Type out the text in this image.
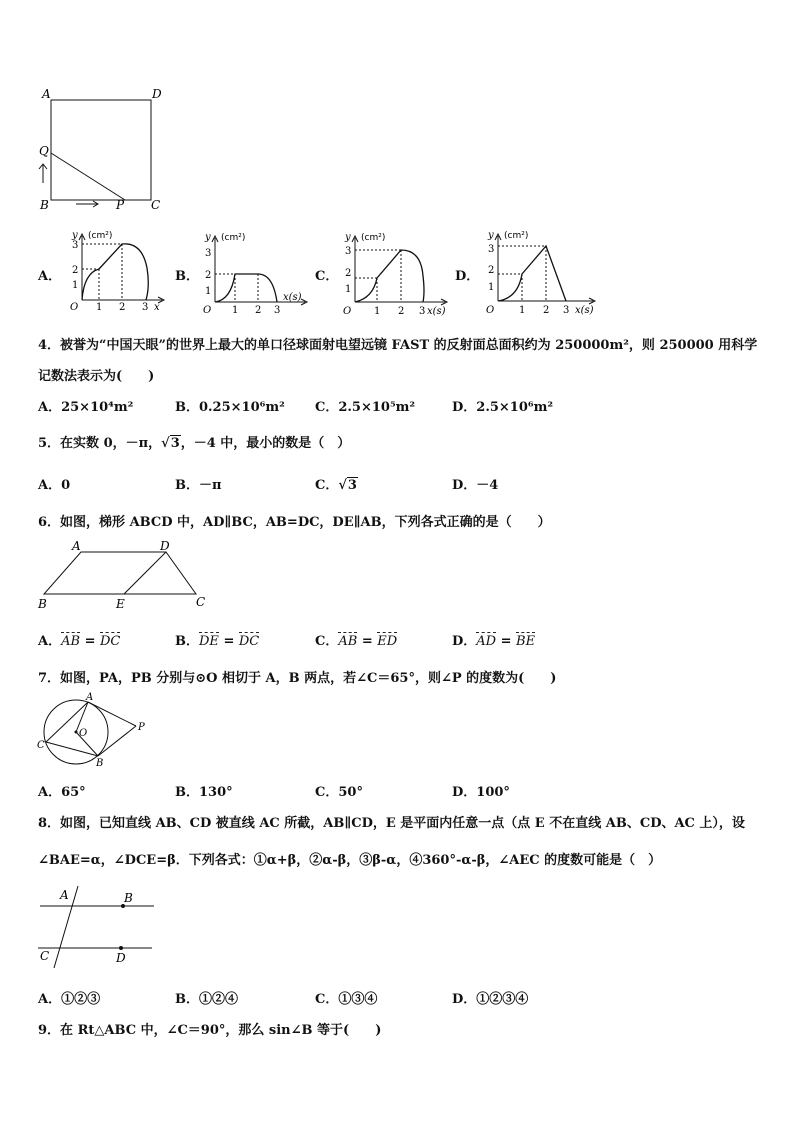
A	D
Q
B	P C
A．
y (cm²)
3
2
1
O 1 2 3 x
B．
y (cm²)
3
2
1
O 1 2 3
x(s)
C．
y (cm²)
3
2
1
O 1 2 3 x(s)
D．
y (cm²)
3
2
1
O 1 2 3 x(s)
4．被誉为“中国天眼”的世界上最大的单口径球面射电望远镜 FAST 的反射面总面积约为 250000m²，则 250000 用科学
记数法表示为(　　)
A．25×10⁴m²	B．0.25×10⁶m² C．2.5×10⁵m²	D．2.5×10⁶m²
5．在实数 0，－π，√3，－4 中，最小的数是（　）
A．0	B．－π	C．√3	D．－4
6．如图，梯形 ABCD 中，AD∥BC，AB=DC，DE∥AB，下列各式正确的是（　　）
A	D
B	E	C
A．AB = DC	B．DE = DC	C．AB = ED	D．AD = BE
7．如图，PA，PB 分别与⊙O 相切于 A，B 两点，若∠C＝65°，则∠P 的度数为(　　)
A
O
C
B
P
A．65°	B．130°	C．50°	D．100°
8．如图，已知直线 AB、CD 被直线 AC 所截，AB∥CD，E 是平面内任意一点（点 E 不在直线 AB、CD、AC 上），设
∠BAE=α，∠DCE=β．下列各式：①α+β，②α-β，③β-α，④360°-α-β，∠AEC 的度数可能是（　）
A	B
C	D
A．①②③	B．①②④	C．①③④	D．①②③④
9．在 Rt△ABC 中，∠C＝90°，那么 sin∠B 等于(　　)
